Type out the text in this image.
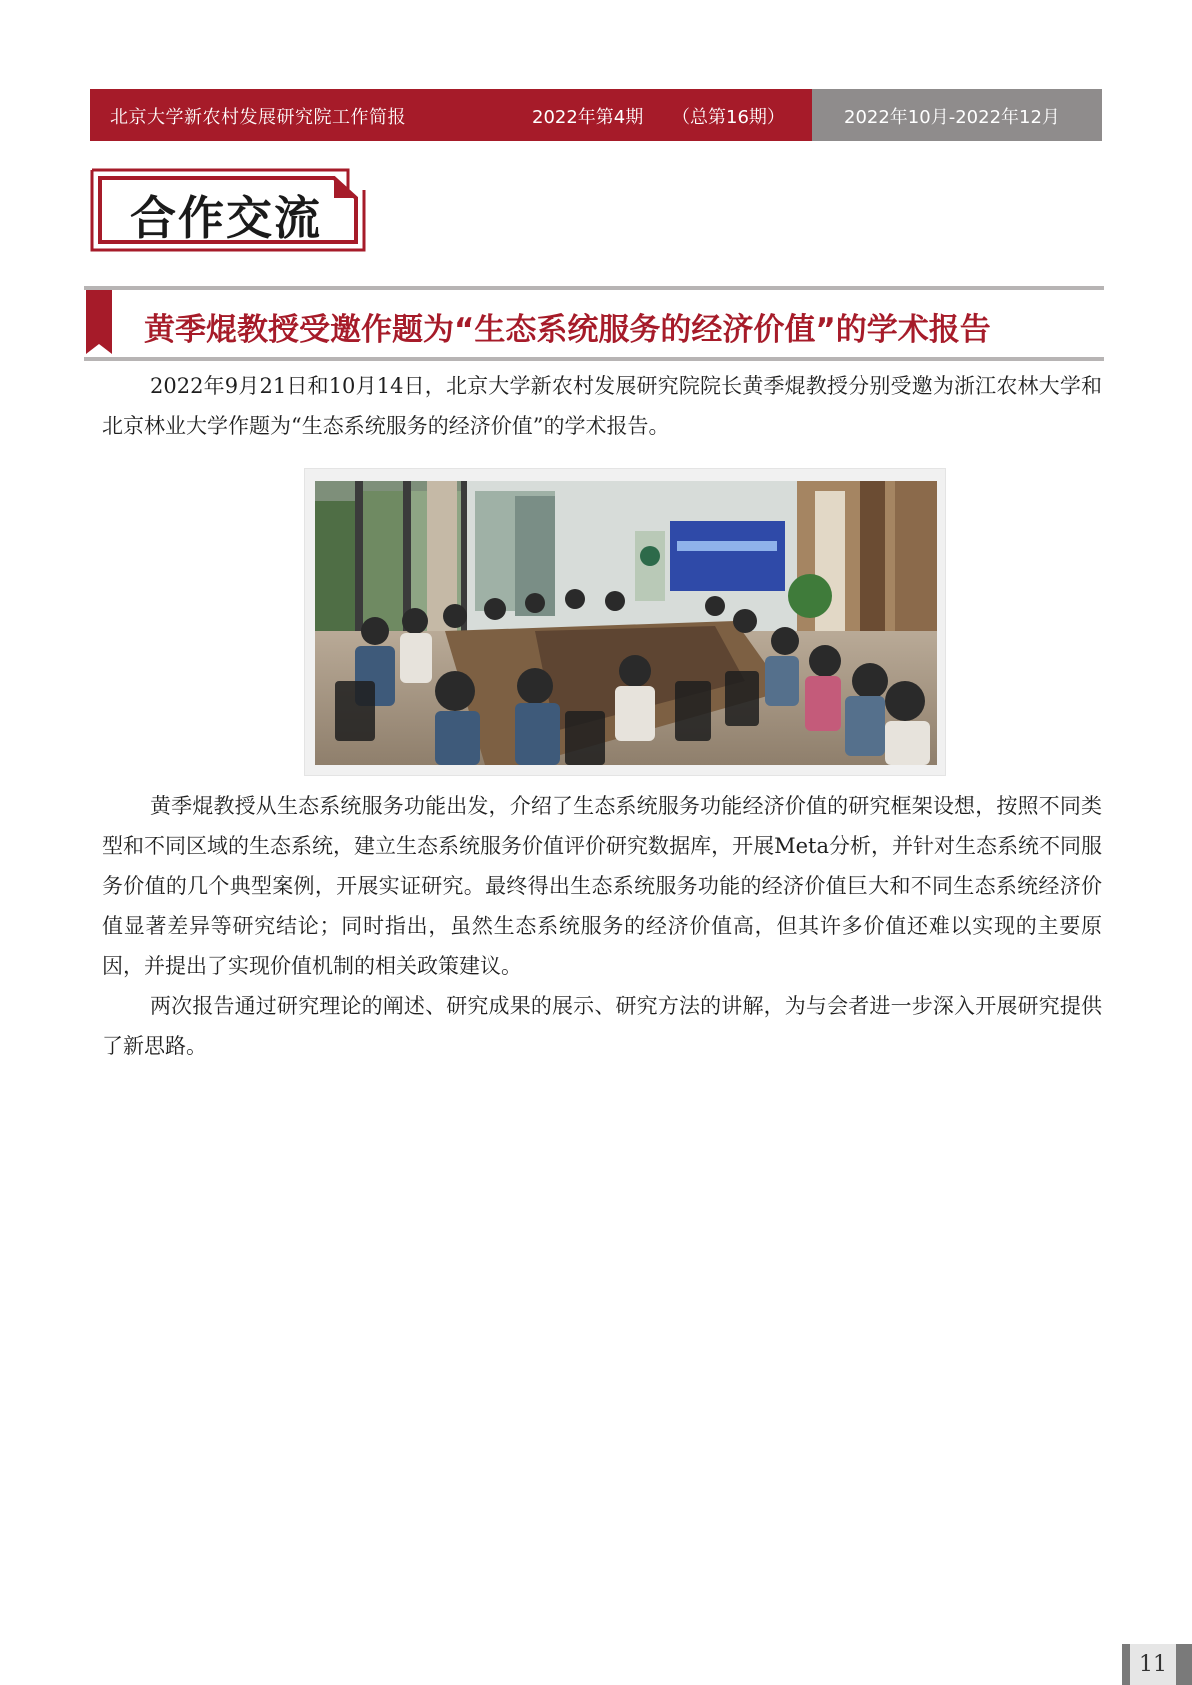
北京大学新农村发展研究院工作简报	2022年第4期 （总第16期）	2022年10月-2022年12月
合作交流
黄季焜教授受邀作题为“生态系统服务的经济价值”的学术报告

2022年9月21日和10月14日，北京大学新农村发展研究院院长黄季焜教授分别受邀为浙江农林大学和北京林业大学作题为“生态系统服务的经济价值”的学术报告。

黄季焜教授从生态系统服务功能出发，介绍了生态系统服务功能经济价值的研究框架设想，按照不同类型和不同区域的生态系统，建立生态系统服务价值评价研究数据库，开展Meta分析，并针对生态系统不同服务价值的几个典型案例，开展实证研究。最终得出生态系统服务功能的经济价值巨大和不同生态系统经济价值显著差异等研究结论；同时指出，虽然生态系统服务的经济价值高，但其许多价值还难以实现的主要原因，并提出了实现价值机制的相关政策建议。

两次报告通过研究理论的阐述、研究成果的展示、研究方法的讲解，为与会者进一步深入开展研究提供了新思路。

11
